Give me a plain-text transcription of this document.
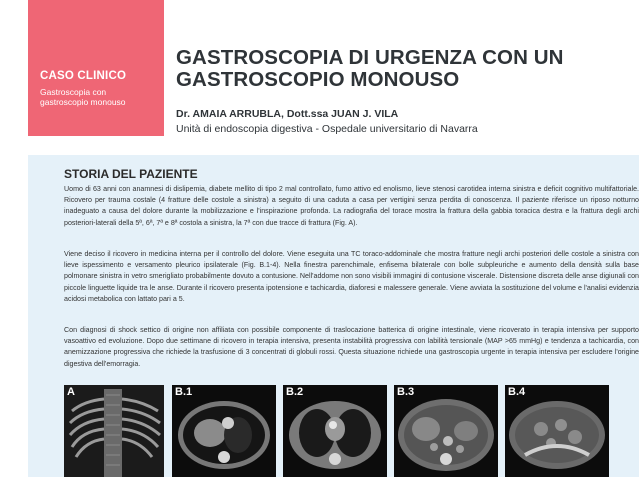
CASO CLINICO
Gastroscopia con gastroscopio monouso
GASTROSCOPIA DI URGENZA CON UN GASTROSCOPIO MONOUSO
Dr. AMAIA ARRUBLA, Dott.ssa JUAN J. VILA
Unità di endoscopia digestiva - Ospedale universitario di Navarra
STORIA DEL PAZIENTE

Uomo di 63 anni con anamnesi di dislipemia, diabete mellito di tipo 2 mal controllato, fumo attivo ed enolismo, lieve stenosi carotidea interna sinistra e deficit cognitivo multifattoriale. Ricovero per trauma costale (4 fratture delle costole a sinistra) a seguito di una caduta a casa per vertigini senza perdita di conoscenza. Il paziente riferisce un riposo notturno inadeguato a causa del dolore durante la mobilizzazione e l'inspirazione profonda. La radiografia del torace mostra la frattura della gabbia toracica destra e la frattura degli archi posteriori-laterali della 5ª, 6ª, 7ª e 8ª costola a sinistra, la 7ª con due tracce di frattura (Fig. A).

Viene deciso il ricovero in medicina interna per il controllo del dolore. Viene eseguita una TC toraco-addominale che mostra fratture negli archi posteriori delle costole a sinistra con lieve ispessimento e versamento pleurico ipsilaterale (Fig. B.1-4). Nella finestra parenchimale, enfisema bilaterale con bolle subpleuriche e aumento della densità sulla base polmonare sinistra in vetro smerigliato probabilmente dovuto a contusione. Nell'addome non sono visibili immagini di contusione viscerale. Distensione discreta delle anse digiunali con piccole linguette liquide tra le anse. Durante il ricovero presenta ipotensione e tachicardia, diaforesi e malessere generale. Viene avviata la sostituzione del volume e l'analisi evidenzia acidosi metabolica con lattato pari a 5.

Con diagnosi di shock settico di origine non affiliata con possibile componente di traslocazione batterica di origine intestinale, viene ricoverato in terapia intensiva per supporto vasoattivo ed evoluzione. Dopo due settimane di ricovero in terapia intensiva, presenta instabilità progressiva con labilità tensionale (MAP >65 mmHg) e tendenza a tachicardia, con anemizzazione progressiva che richiede la trasfusione di 3 concentrati di globuli rossi. Questa situazione richiede una gastroscopia urgente in terapia intensiva per escludere l'origine digestiva dell'emorragia.

A	B.1	B.2	B.3	B.4
